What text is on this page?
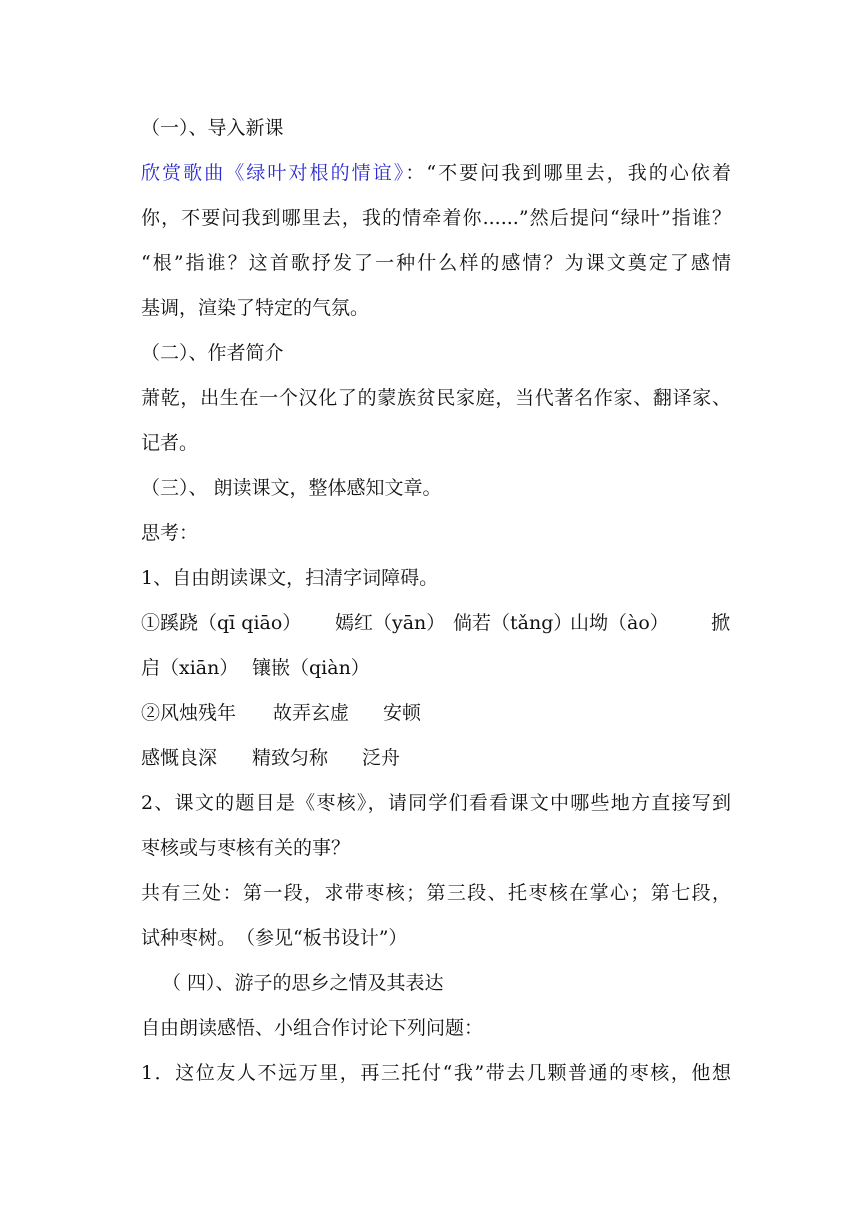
（一）、导入新课
欣赏歌曲《绿叶对根的情谊》：“不要问我到哪里去，我的心依着
你，不要问我到哪里去，我的情牵着你......”然后提问“绿叶”指谁？
“根”指谁？这首歌抒发了一种什么样的感情？为课文奠定了感情
基调，渲染了特定的气氛。
（二）、作者简介
萧乾，出生在一个汉化了的蒙族贫民家庭，当代著名作家、翻译家、
记者。
（三）、 朗读课文，整体感知文章。
思考：
1、自由朗读课文，扫清字词障碍。
①蹊跷（qī qiāo） 嫣红（yān） 倘若（tǎng）
山坳（ào） 掀
启（xiān） 镶嵌（qiàn）
②风烛残年 故弄玄虚 安顿
感慨良深 精致匀称 泛舟
2、课文的题目是《枣核》，请同学们看看课文中哪些地方直接写到
枣核或与枣核有关的事？
共有三处：第一段，求带枣核；第三段、托枣核在掌心；第七段，
试种枣树。　（参见“板书设计”）
（ 四）、游子的思乡之情及其表达
自由朗读感悟、小组合作讨论下列问题：
1．这位友人不远万里，再三托付“我”带去几颗普通的枣核，他想
